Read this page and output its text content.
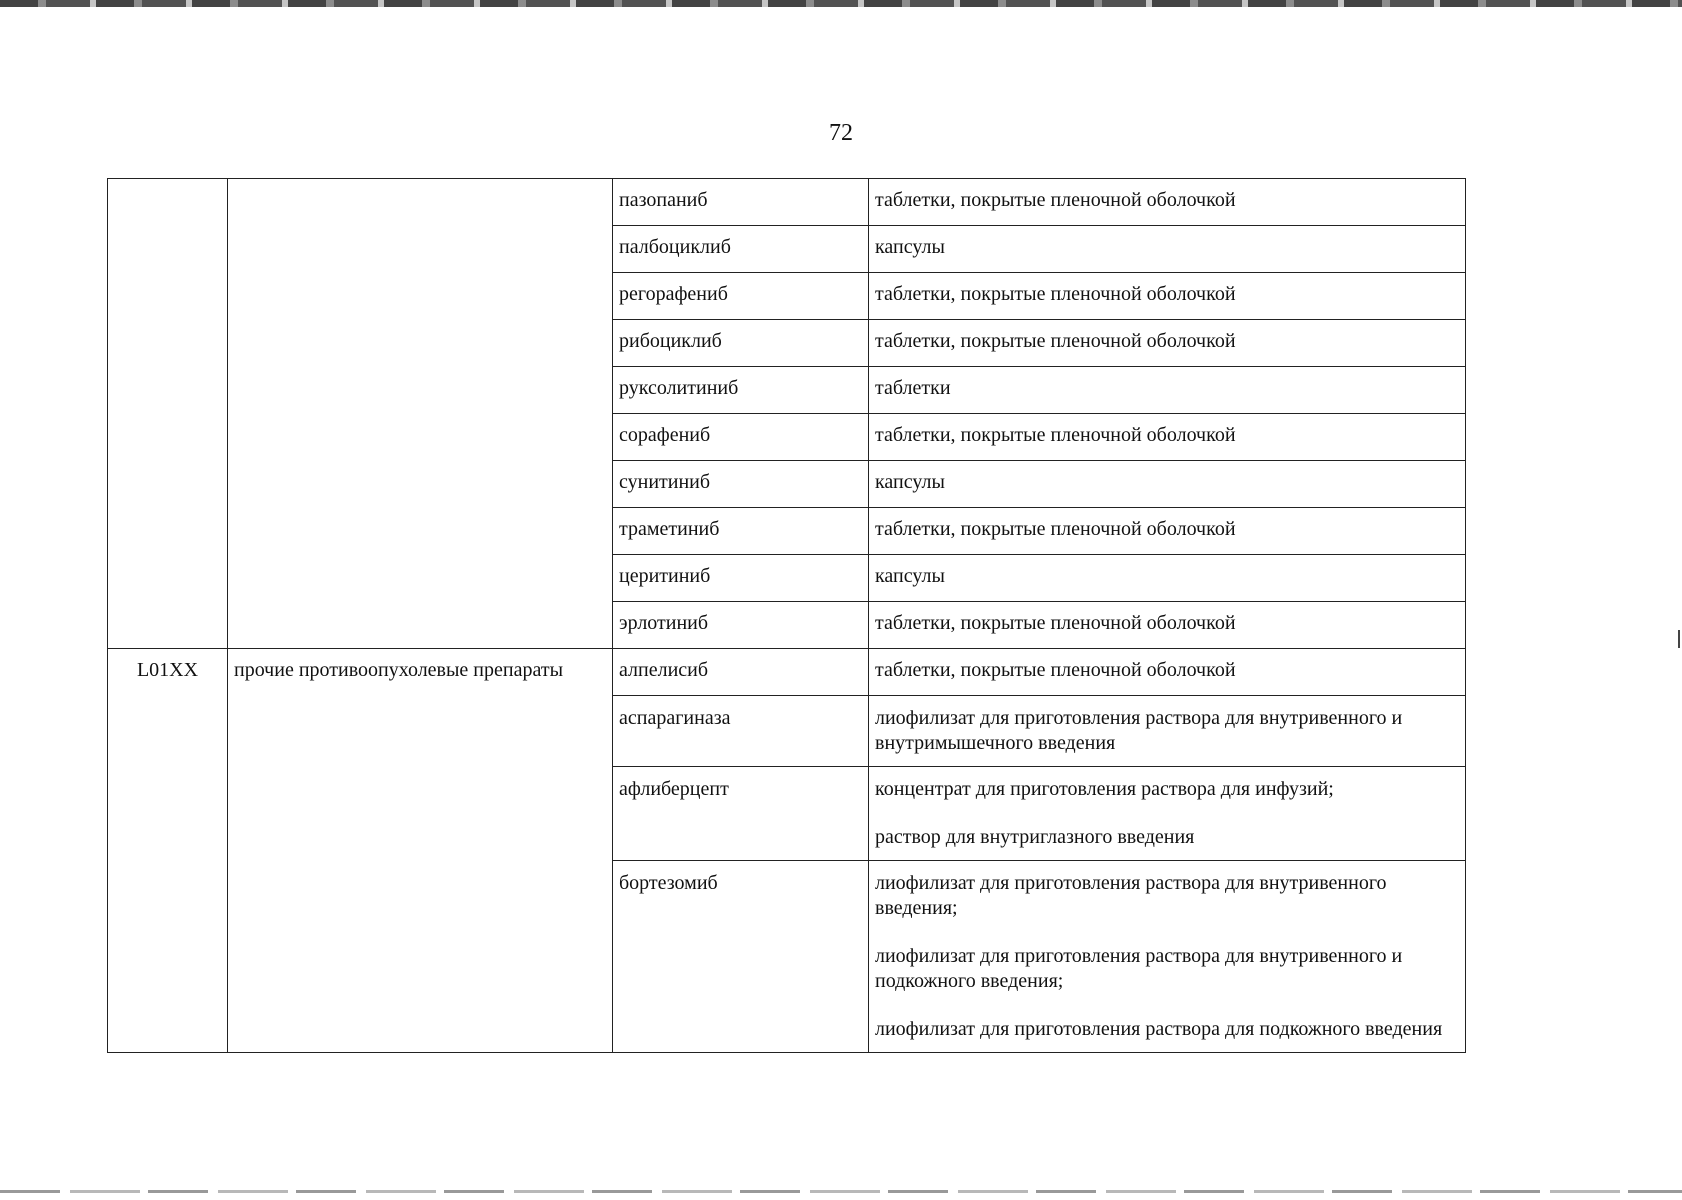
72
		пазопаниб	таблетки, покрытые пленочной оболочкой

		палбоциклиб	капсулы

		регорафениб	таблетки, покрытые пленочной оболочкой

		рибоциклиб	таблетки, покрытые пленочной оболочкой

		руксолитиниб	таблетки

		сорафениб	таблетки, покрытые пленочной оболочкой

		сунитиниб	капсулы

		траметиниб	таблетки, покрытые пленочной оболочкой

		церитиниб	капсулы

		эрлотиниб	таблетки, покрытые пленочной оболочкой

L01XX	прочие противоопухолевые препараты	алпелисиб	таблетки, покрытые пленочной оболочкой

		аспарагиназа	лиофилизат для приготовления раствора для внутривенного и внутримышечного введения

		афлиберцепт	концентрат для приготовления раствора для инфузий;
раствор для внутриглазного введения

		бортезомиб	лиофилизат для приготовления раствора для внутривенного введения;
лиофилизат для приготовления раствора для внутривенного и подкожного введения;
лиофилизат для приготовления раствора для подкожного введения
